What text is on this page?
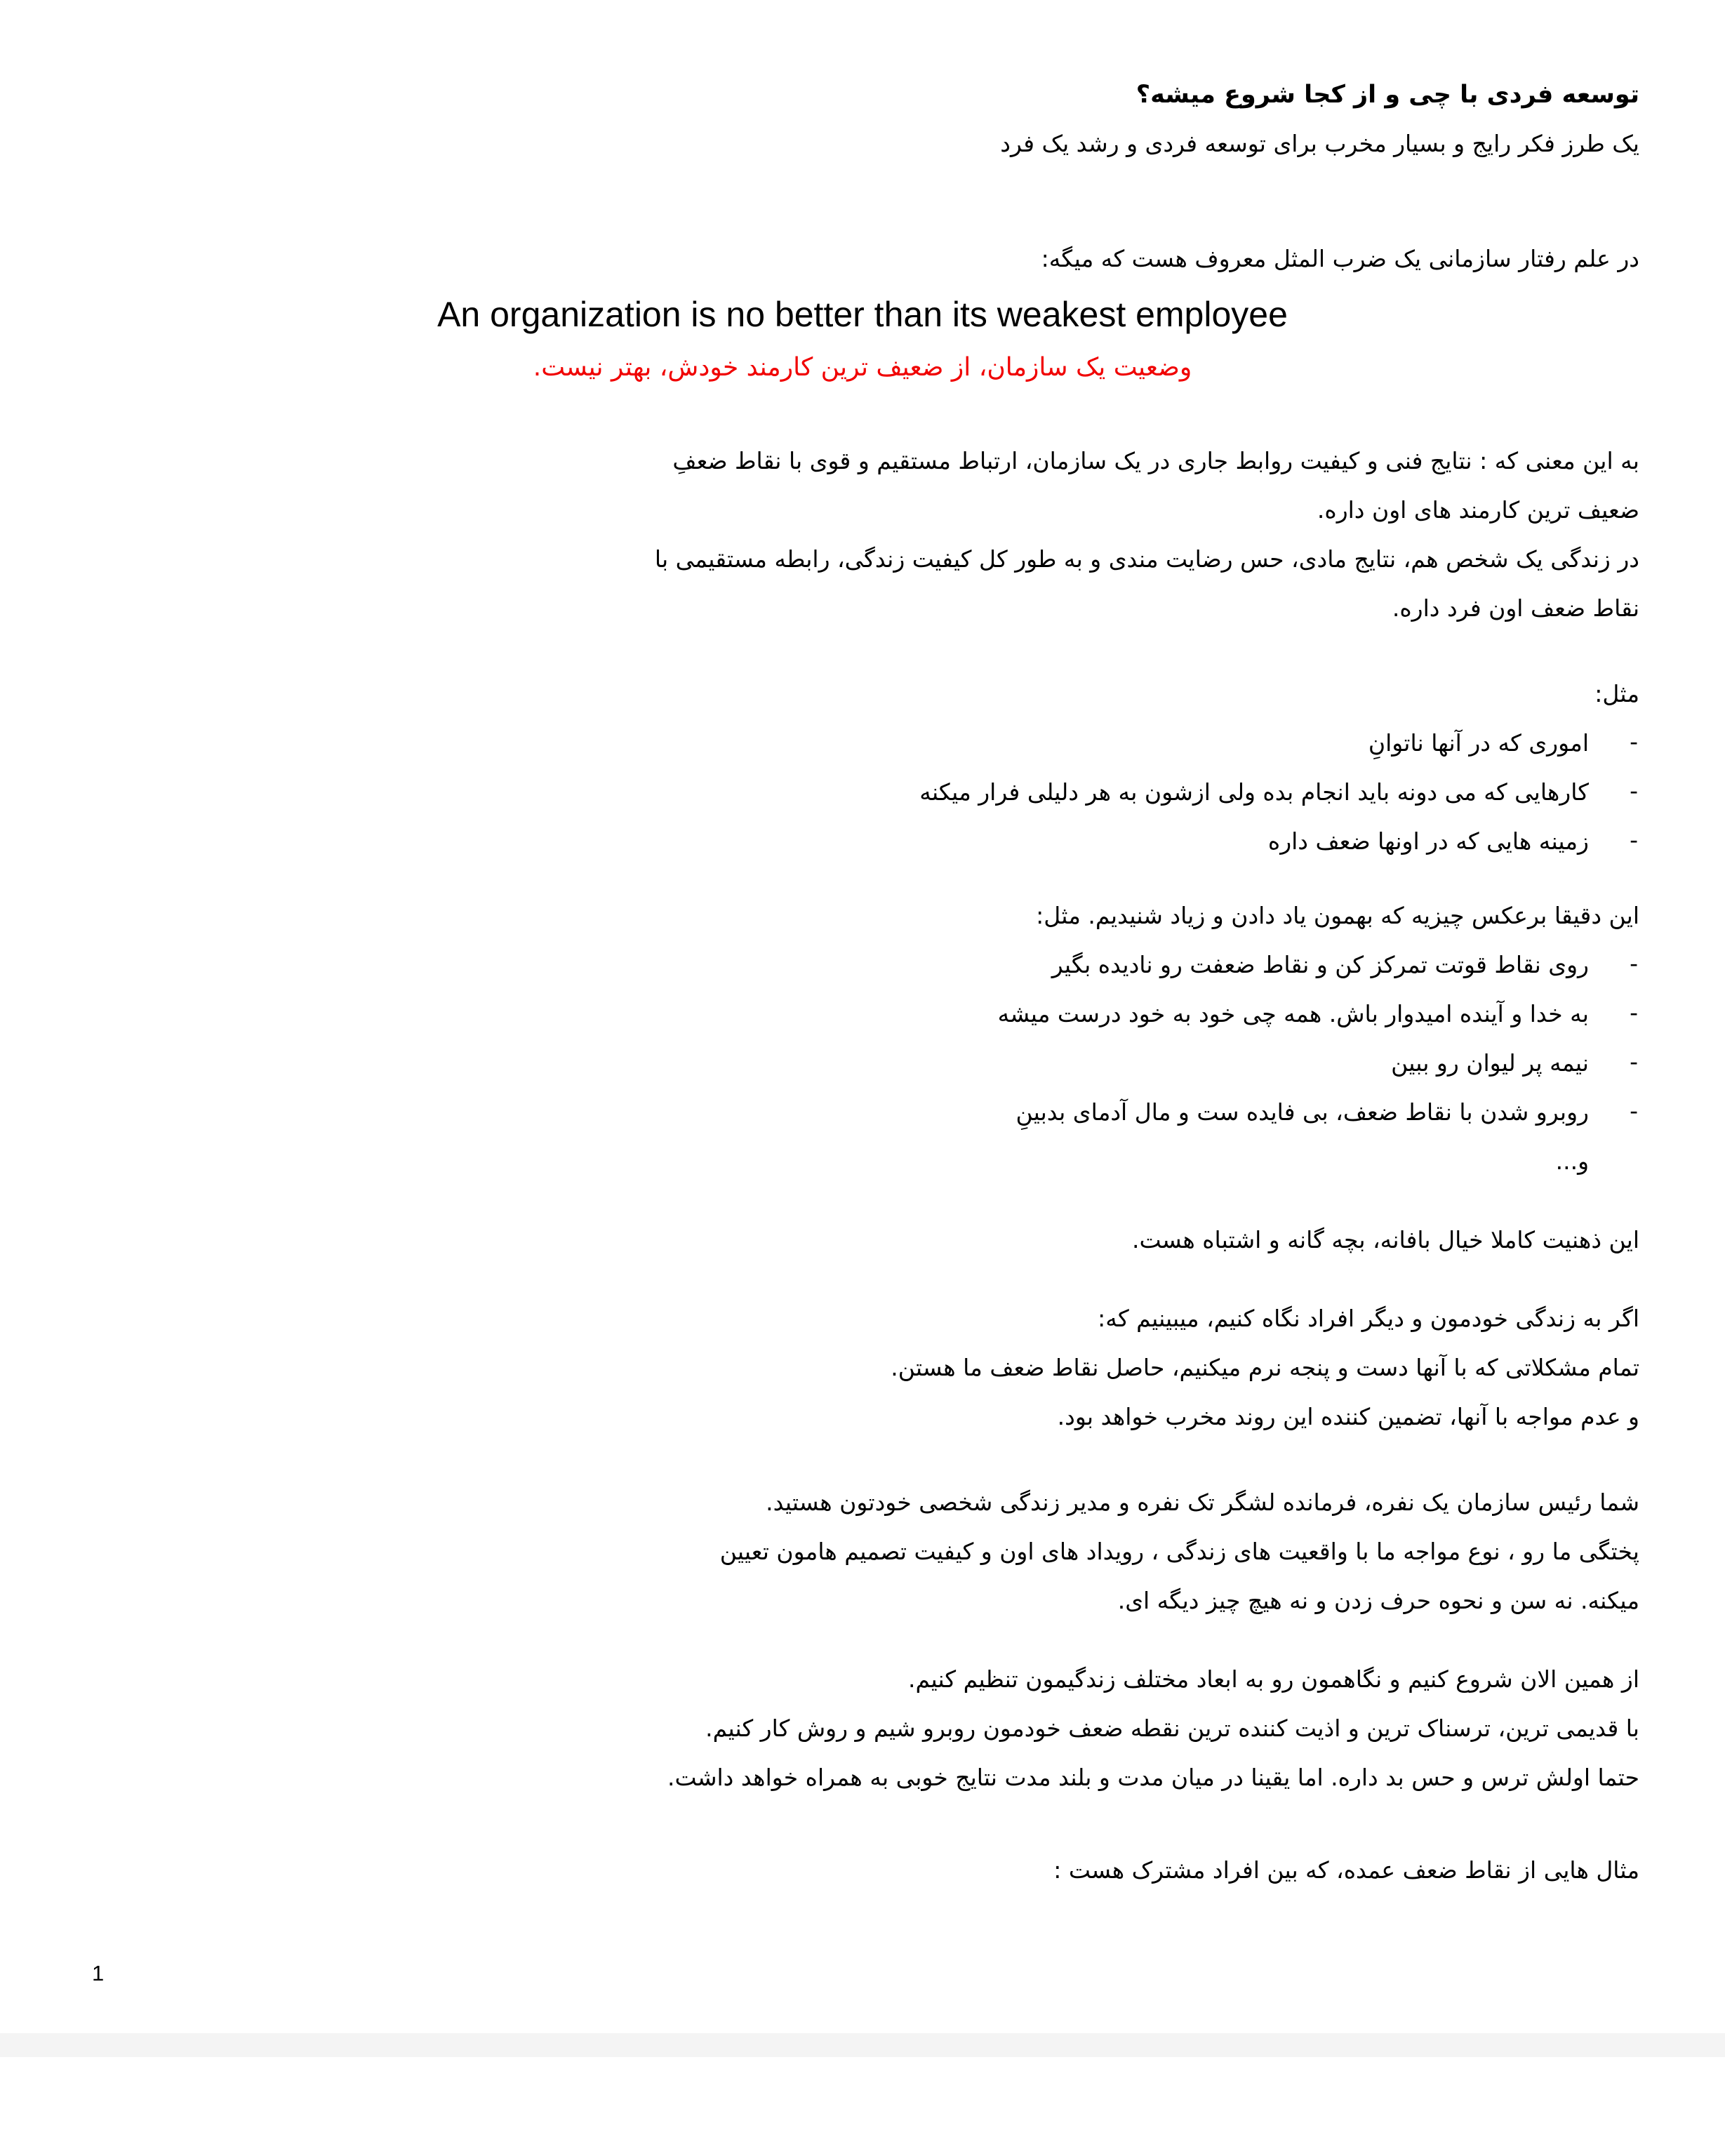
توسعه فردی با چی و از کجا شروع میشه؟
یک طرز فکر رایج و بسیار مخرب برای توسعه فردی و رشد یک فرد
در علم رفتار سازمانی یک ضرب المثل معروف هست که میگه:
An organization is no better than its weakest employee
وضعیت یک سازمان، از ضعیف ترین کارمند خودش، بهتر نیست.
به این معنی که : نتایج فنی و کیفیت روابط جاری در یک سازمان، ارتباط مستقیم و قوی با نقاط ضعفِ
ضعیف ترین کارمند های اون داره.
در زندگی یک شخص هم، نتایج مادی، حس رضایت مندی و به طور کل کیفیت زندگی، رابطه مستقیمی با
نقاط ضعف اون فرد داره.
مثل:
-
اموری که در آنها ناتوانِ
-
کارهایی که می دونه باید انجام بده ولی ازشون به هر دلیلی فرار میکنه
-
زمینه هایی که در اونها ضعف داره
این دقیقا برعکس چیزیه که بهمون یاد دادن و زیاد شنیدیم. مثل:
-
روی نقاط قوتت تمرکز کن و نقاط ضعفت رو نادیده بگیر
-
به خدا و آینده امیدوار باش. همه چی خود به خود درست میشه
-
نیمه پر لیوان رو ببین
-
روبرو شدن با نقاط ضعف، بی فایده ست و مال آدمای بدبینِ
و...
این ذهنیت کاملا خیال بافانه، بچه گانه و اشتباه هست.
اگر به زندگی خودمون و دیگر افراد نگاه کنیم، میبینیم که:
تمام مشکلاتی که با آنها دست و پنجه نرم میکنیم، حاصل نقاط ضعف ما هستن.
و عدم مواجه با آنها، تضمین کننده این روند مخرب خواهد بود.
شما رئیس سازمان یک نفره، فرمانده لشگر تک نفره و مدیر زندگی شخصی خودتون هستید.
پختگی ما رو ، نوع مواجه ما با واقعیت های زندگی ، رویداد های اون و کیفیت تصمیم هامون تعیین
میکنه. نه سن و نحوه حرف زدن و نه هیچ چیز دیگه ای.
از همین الان شروع کنیم و نگاهمون رو به ابعاد مختلف زندگیمون تنظیم کنیم.
با قدیمی ترین، ترسناک ترین و اذیت کننده ترین نقطه ضعف خودمون روبرو شیم و روش کار کنیم.
حتما اولش ترس و حس بد داره. اما یقینا در میان مدت و بلند مدت نتایج خوبی به همراه خواهد داشت.
مثال هایی از نقاط ضعف عمده، که بین افراد مشترک هست :
1
